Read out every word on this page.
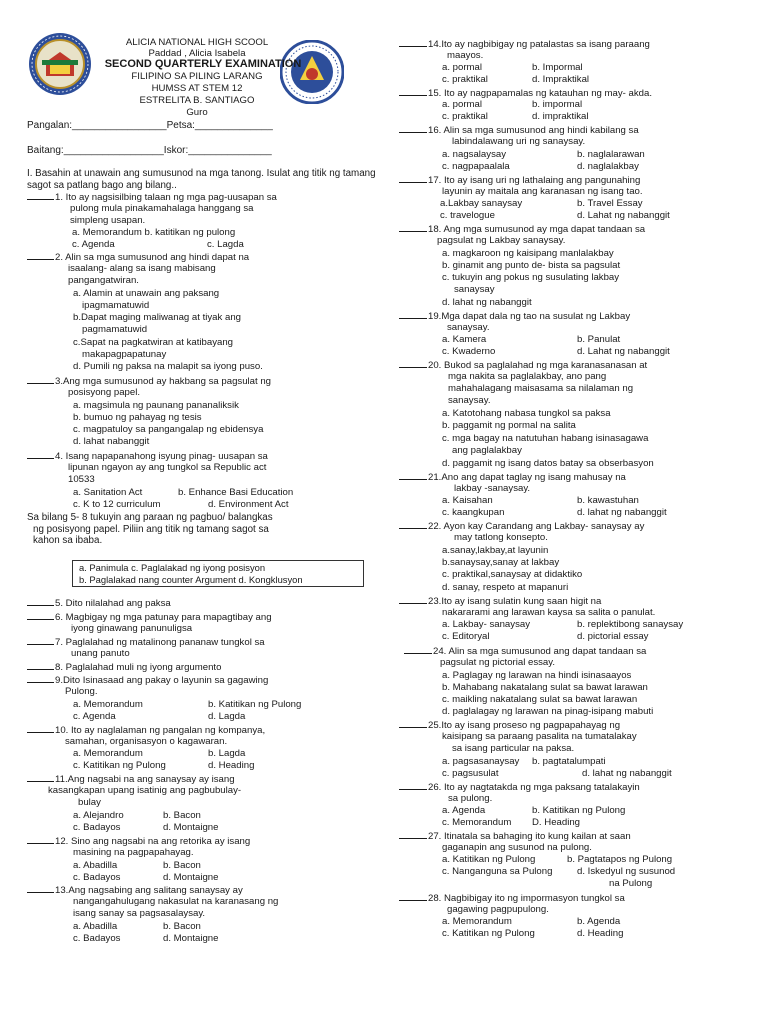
ALICIA NATIONAL HIGH SCOOL
Paddad , Alicia Isabela
SECOND QUARTERLY EXAMINATION
FILIPINO SA PILING LARANG
HUMSS AT STEM 12
ESTRELITA B. SANTIAGO
Guro
Pangalan:_________________Petsa:______________
Baitang:__________________Iskor:_______________
I. Basahin at unawain ang sumusunod na mga tanong. Isulat ang titik ng tamang sagot sa patlang bago ang bilang..
1. Ito ay nagsisilbing talaan ng mga pag-uusapan sa
pulong mula pinakamahalaga hanggang sa
simpleng usapan.
a. Memorandum b. katitikan ng pulong
c. Agenda	c. Lagda
2. Alin sa mga sumusunod ang hindi dapat na
isaalang- alang sa isang mabisang
pangangatwiran.
a. Alamin at unawain ang paksang
ipagmamatuwid
b.Dapat maging maliwanag at tiyak ang
pagmamatuwid
c.Sapat na pagkatwiran at katibayang
makapagpapatunay
d. Pumili ng paksa na malapit sa iyong puso.
3.Ang mga sumusunod ay hakbang sa pagsulat ng
posisyong papel.
a. magsimula ng paunang pananaliksik
b. bumuo ng pahayag ng tesis
c. magpatuloy sa pangangalap ng ebidensya
d. lahat nabanggit
4. Isang napapanahong isyung pinag- uusapan sa
lipunan ngayon ay ang tungkol sa Republic act
10533
a. Sanitation Act	b. Enhance Basi Education
c. K to 12 curriculum	d. Environment Act
Sa bilang 5- 8 tukuyin ang paraan ng pagbuo/ balangkas
ng posisyong papel. Piliin ang titik ng tamang sagot sa
kahon sa ibaba.
a. Panimula c. Paglalakad ng iyong posisyon
b. Paglalakad nang counter Argument d. Kongklusyon
5. Dito nilalahad ang paksa
6. Magbigay ng mga patunay para mapagtibay ang
iyong ginawang panunuligsa
7. Paglalahad ng matalinong pananaw tungkol sa
unang panuto
8. Paglalahad muli ng iyong argumento
9.Dito Isinasaad ang pakay o layunin sa gagawing
Pulong.
a. Memorandum	b. Katitikan ng Pulong
c. Agenda	d. Lagda
10. Ito ay naglalaman ng pangalan ng kompanya,
samahan, organisasyon o kagawaran.
a. Memorandum	b. Lagda
c. Katitikan ng Pulong	d. Heading
11.Ang nagsabi na ang sanaysay ay isang
kasangkapan upang isatinig ang pagbubulay-
bulay
a. Alejandro	b. Bacon
c. Badayos	d. Montaigne
12. Sino ang nagsabi na ang retorika ay isang
masining na pagpapahayag.
a. Abadilla	b. Bacon
c. Badayos	d. Montaigne
13.Ang nagsabing ang salitang sanaysay ay
nangangahulugang nakasulat na karanasang ng
isang sanay sa pagsasalaysay.
a. Abadilla	b. Bacon
c. Badayos	d. Montaigne
14.Ito ay nagbibigay ng patalastas sa isang paraang
maayos.
a. pormal	b. Impormal
c. praktikal	d. Impraktikal
15. Ito ay nagpapamalas ng katauhan ng may- akda.
a. pormal	b. impormal
c. praktikal	d. impraktikal
16. Alin sa mga sumusunod ang hindi kabilang sa
labindalawang uri ng sanaysay.
a. nagsalaysay	b. naglalarawan
c. nagpapaalala	d. naglalakbay
17. Ito ay isang uri ng lathalaing ang pangunahing
layunin ay maitala ang karanasan ng isang tao.
a.Lakbay sanaysay	b. Travel Essay
c. travelogue	d. Lahat ng nabanggit
18. Ang mga sumusunod ay mga dapat tandaan sa
pagsulat ng Lakbay sanaysay.
a. magkaroon ng kaisipang manlalakbay
b. ginamit ang punto de- bista sa pagsulat
c. tukuyin ang pokus ng susulating lakbay
sanaysay
d. lahat ng nabanggit
19.Mga dapat dala ng tao na susulat ng Lakbay
sanaysay.
a. Kamera	b. Panulat
c. Kwaderno	d. Lahat ng nabanggit
20. Bukod sa paglalahad ng mga karanasanasan at
mga nakita sa paglalakbay, ano pang
mahahalagang maisasama sa nilalaman ng
sanaysay.
a. Katotohang nabasa tungkol sa paksa
b. paggamit ng pormal na salita
c. mga bagay na natutuhan habang isinasagawa
ang paglalakbay
d. paggamit ng isang datos batay sa obserbasyon
21.Ano ang dapat taglay ng isang mahusay na
lakbay -sanaysay.
a. Kaisahan	b. kawastuhan
c. kaangkupan	d. lahat ng nabanggit
22. Ayon kay Carandang ang Lakbay- sanaysay ay
may tatlong konsepto.
a.sanay,lakbay,at layunin
b.sanaysay,sanay at lakbay
c. praktikal,sanaysay at didaktiko
d. sanay, respeto at mapanuri
23.Ito ay isang sulatin kung saan higit na
nakararami ang larawan kaysa sa salita o panulat.
a. Lakbay- sanaysay	b. replektibong sanaysay
c. Editoryal	d. pictorial essay
24. Alin sa mga sumusunod ang dapat tandaan sa
pagsulat ng pictorial essay.
a. Paglagay ng larawan na hindi isinasaayos
b. Mahabang nakatalang sulat sa bawat larawan
c. maikling nakatalang sulat sa bawat larawan
d. paglalagay ng larawan na pinag-isipang mabuti
25.Ito ay isang proseso ng pagpapahayag ng
kaisipang sa paraang pasalita na tumatalakay
sa isang particular na paksa.
a. pagsasanaysay b. pagtatalumpati
c. pagsusulat	d. lahat ng nabanggit
26. Ito ay nagtatakda ng mga paksang tatalakayin
sa pulong.
a. Agenda	b. Katitikan ng Pulong
c. Memorandum D. Heading
27. Itinatala sa bahaging ito kung kailan at saan
gaganapin ang susunod na pulong.
a. Katitikan ng Pulong	b. Pagtatapos ng Pulong
c. Nanganguna sa Pulong	d. Iskedyul ng susunod
na Pulong
28. Nagbibigay ito ng impormasyon tungkol sa
gagawing pagpupulong.
a. Memorandum	b. Agenda
c. Katitikan ng Pulong	d. Heading
